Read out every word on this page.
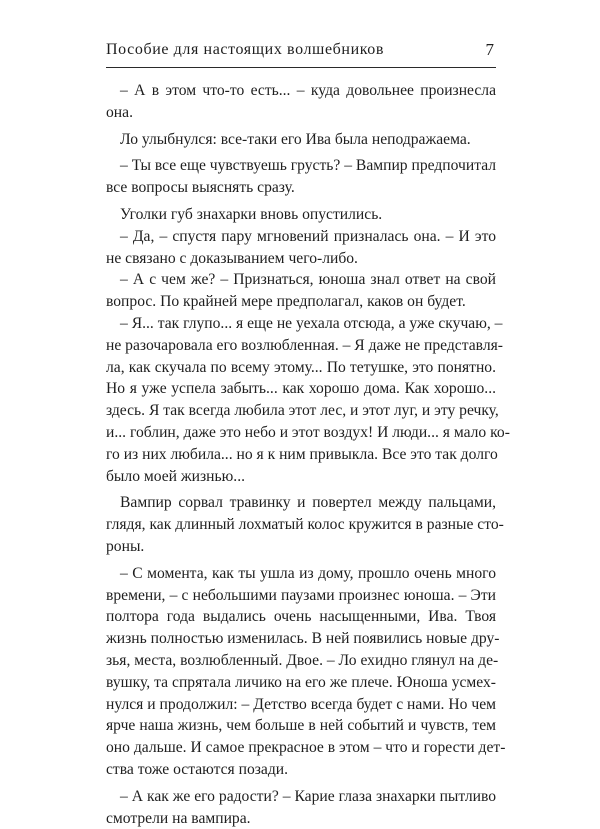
Пособие для настоящих волшебников	7
– А в этом что-то есть... – куда довольнее произнесла
она.
Ло улыбнулся: все-таки его Ива была неподражаема.
– Ты все еще чувствуешь грусть? – Вампир предпочитал
все вопросы выяснять сразу.
Уголки губ знахарки вновь опустились.
– Да, – спустя пару мгновений призналась она. – И это
не связано с доказыванием чего-либо.
– А с чем же? – Признаться, юноша знал ответ на свой
вопрос. По крайней мере предполагал, каков он будет.
– Я... так глупо... я еще не уехала отсюда, а уже скучаю, –
не разочаровала его возлюбленная. – Я даже не представля-
ла, как скучала по всему этому... По тетушке, это понятно.
Но я уже успела забыть... как хорошо дома. Как хорошо...
здесь. Я так всегда любила этот лес, и этот луг, и эту речку,
и... гоблин, даже это небо и этот воздух! И люди... я мало ко-
го из них любила... но я к ним привыкла. Все это так долго
было моей жизнью...
Вампир сорвал травинку и повертел между пальцами,
глядя, как длинный лохматый колос кружится в разные сто-
роны.
– С момента, как ты ушла из дому, прошло очень много
времени, – с небольшими паузами произнес юноша. – Эти
полтора года выдались очень насыщенными, Ива. Твоя
жизнь полностью изменилась. В ней появились новые дру-
зья, места, возлюбленный. Двое. – Ло ехидно глянул на де-
вушку, та спрятала личико на его же плече. Юноша усмех-
нулся и продолжил: – Детство всегда будет с нами. Но чем
ярче наша жизнь, чем больше в ней событий и чувств, тем
оно дальше. И самое прекрасное в этом – что и горести дет-
ства тоже остаются позади.
– А как же его радости? – Карие глаза знахарки пытливо
смотрели на вампира.
